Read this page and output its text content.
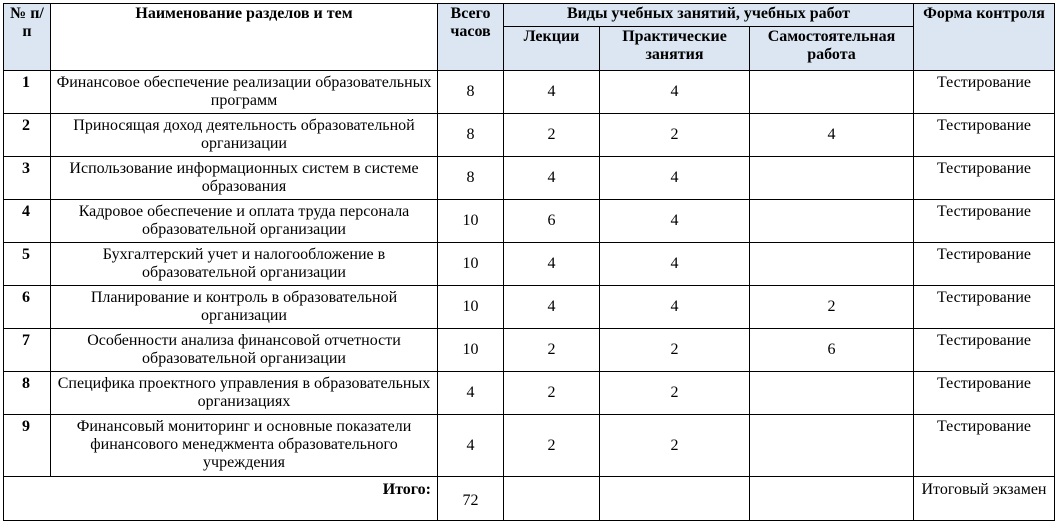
№ п/п	Наименование разделов и тем	Всего часов	Виды учебных занятий, учебных работ			Форма контроля
			Лекции	Практические занятия	Самостоятельная работа	
1	Финансовое обеспечение реализации образовательных программ	8	4	4		Тестирование
2	Приносящая доход деятельность образовательной организации	8	2	2	4	Тестирование
3	Использование информационных систем в системе образования	8	4	4		Тестирование
4	Кадровое обеспечение и оплата труда персонала образовательной организации	10	6	4		Тестирование
5	Бухгалтерский учет и налогообложение в образовательной организации	10	4	4		Тестирование
6	Планирование и контроль в образовательной организации	10	4	4	2	Тестирование
7	Особенности анализа финансовой отчетности образовательной организации	10	2	2	6	Тестирование
8	Специфика проектного управления в образовательных организациях	4	2	2		Тестирование
9	Финансовый мониторинг и основные показатели финансового менеджмента образовательного учреждения	4	2	2		Тестирование
Итого:		72				Итоговый экзамен
